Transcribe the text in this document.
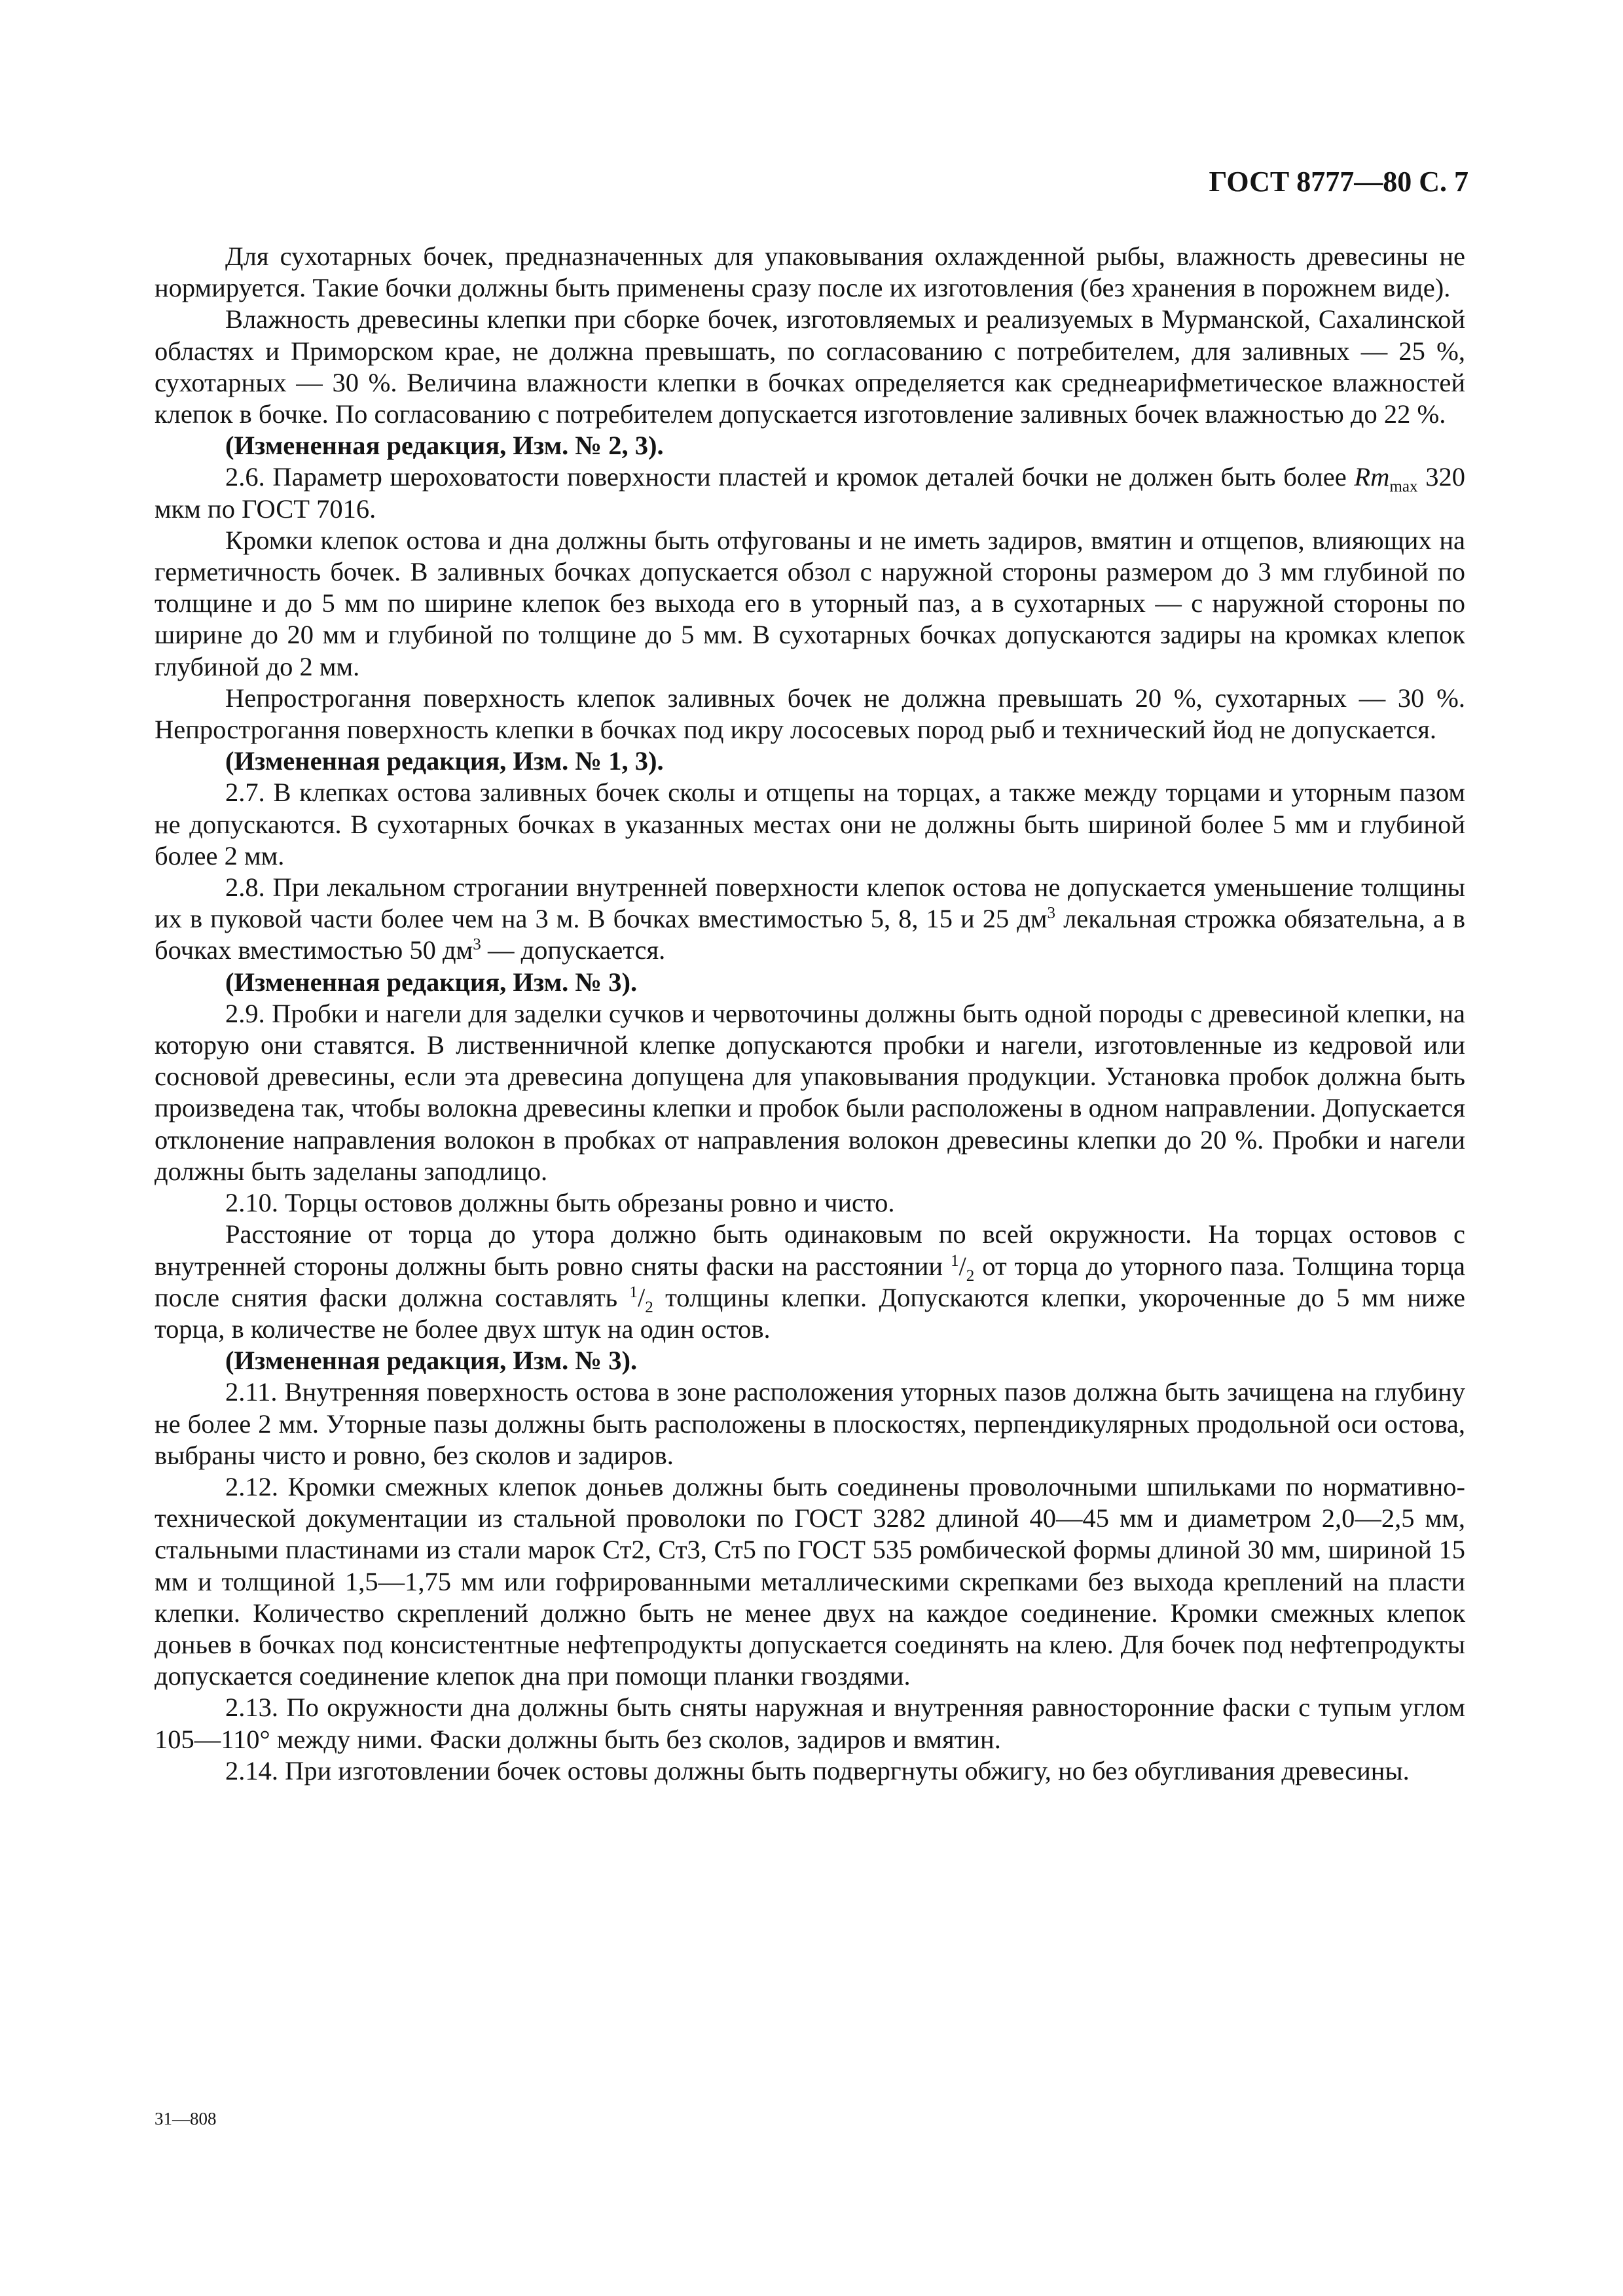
ГОСТ 8777—80 С. 7

Для сухотарных бочек, предназначенных для упаковывания охлажденной рыбы, влажность древесины не нормируется. Такие бочки должны быть применены сразу после их изготовления (без хранения в порожнем виде).

Влажность древесины клепки при сборке бочек, изготовляемых и реализуемых в Мурманской, Сахалинской областях и Приморском крае, не должна превышать, по согласованию с потребителем, для заливных — 25 %, сухотарных — 30 %. Величина влажности клепки в бочках определяется как среднеарифметическое влажностей клепок в бочке. По согласованию с потребителем допускается изготовление заливных бочек влажностью до 22 %.

(Измененная редакция, Изм. № 2, 3).

2.6. Параметр шероховатости поверхности пластей и кромок деталей бочки не должен быть более $Rm_{max}$ 320 мкм по ГОСТ 7016.

Кромки клепок остова и дна должны быть отфугованы и не иметь задиров, вмятин и отщепов, влияющих на герметичность бочек. В заливных бочках допускается обзол с наружной стороны размером до 3 мм глубиной по толщине и до 5 мм по ширине клепок без выхода его в уторный паз, а в сухотарных — с наружной стороны по ширине до 20 мм и глубиной по толщине до 5 мм. В сухотарных бочках допускаются задиры на кромках клепок глубиной до 2 мм.

Непрострогання поверхность клепок заливных бочек не должна превышать 20 %, сухотарных — 30 %. Непрострогання поверхность клепки в бочках под икру лососевых пород рыб и технический йод не допускается.

(Измененная редакция, Изм. № 1, 3).

2.7. В клепках остова заливных бочек сколы и отщепы на торцах, а также между торцами и уторным пазом не допускаются. В сухотарных бочках в указанных местах они не должны быть шириной более 5 мм и глубиной более 2 мм.

2.8. При лекальном строгании внутренней поверхности клепок остова не допускается уменьшение толщины их в пуковой части более чем на 3 м. В бочках вместимостью 5, 8, 15 и 25 $дм^3$ лекальная строжка обязательна, а в бочках вместимостью 50 $дм^3$ — допускается.

(Измененная редакция, Изм. № 3).

2.9. Пробки и нагели для заделки сучков и червоточины должны быть одной породы с древесиной клепки, на которую они ставятся. В лиственничной клепке допускаются пробки и нагели, изготовленные из кедровой или сосновой древесины, если эта древесина допущена для упаковывания продукции. Установка пробок должна быть произведена так, чтобы волокна древесины клепки и пробок были расположены в одном направлении. Допускается отклонение направления волокон в пробках от направления волокон древесины клепки до 20 %. Пробки и нагели должны быть заделаны заподлицо.

2.10. Торцы остовов должны быть обрезаны ровно и чисто.

Расстояние от торца до утора должно быть одинаковым по всей окружности. На торцах остовов с внутренней стороны должны быть ровно сняты фаски на расстоянии $^1/_2$ от торца до уторного паза. Толщина торца после снятия фаски должна составлять $^1/_2$ толщины клепки. Допускаются клепки, укороченные до 5 мм ниже торца, в количестве не более двух штук на один остов.

(Измененная редакция, Изм. № 3).

2.11. Внутренняя поверхность остова в зоне расположения уторных пазов должна быть зачищена на глубину не более 2 мм. Уторные пазы должны быть расположены в плоскостях, перпендикулярных продольной оси остова, выбраны чисто и ровно, без сколов и задиров.

2.12. Кромки смежных клепок доньев должны быть соединены проволочными шпильками по нормативно-технической документации из стальной проволоки по ГОСТ 3282 длиной 40—45 мм и диаметром 2,0—2,5 мм, стальными пластинами из стали марок Ст2, Ст3, Ст5 по ГОСТ 535 ромбической формы длиной 30 мм, шириной 15 мм и толщиной 1,5—1,75 мм или гофрированными металлическими скрепками без выхода креплений на пласти клепки. Количество скреплений должно быть не менее двух на каждое соединение. Кромки смежных клепок доньев в бочках под консистентные нефтепродукты допускается соединять на клею. Для бочек под нефтепродукты допускается соединение клепок дна при помощи планки гвоздями.

2.13. По окружности дна должны быть сняты наружная и внутренняя равносторонние фаски с тупым углом 105—110° между ними. Фаски должны быть без сколов, задиров и вмятин.

2.14. При изготовлении бочек остовы должны быть подвергнуты обжигу, но без обугливания древесины.

31—808
